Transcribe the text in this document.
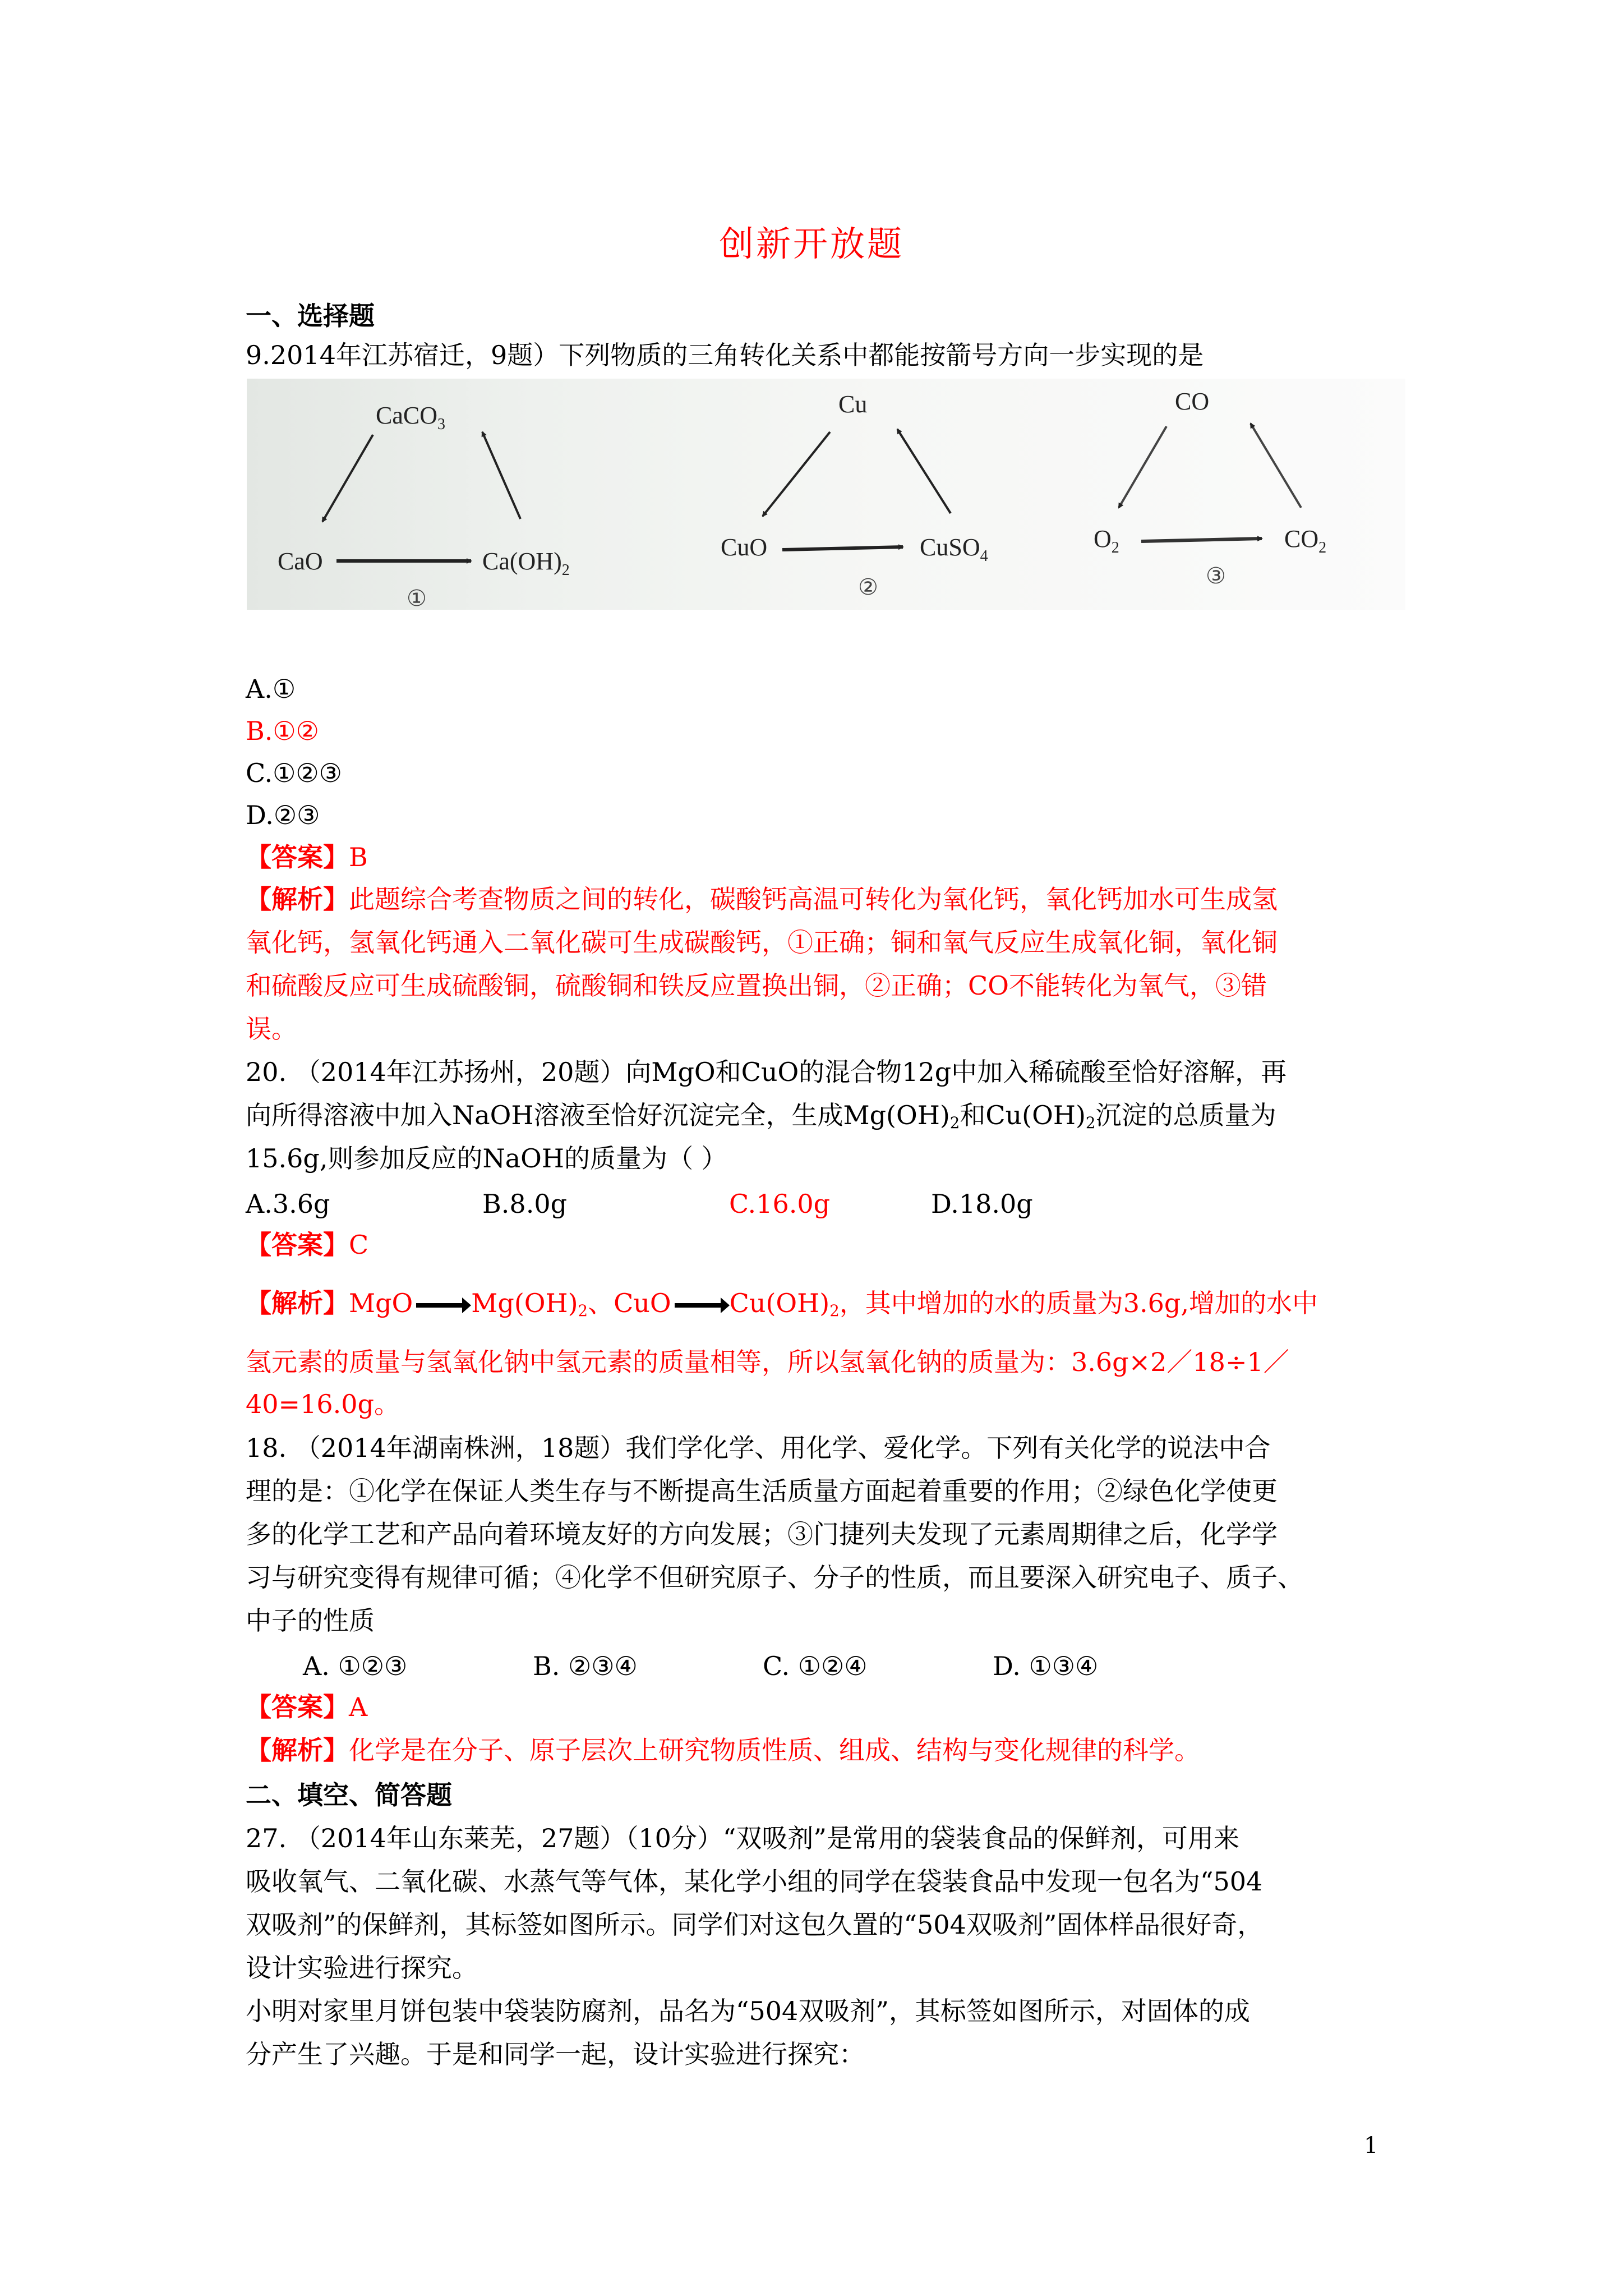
创新开放题
一、选择题
9.2014年江苏宿迁，9题）下列物质的三角转化关系中都能按箭号方向一步实现的是
CaCO$_3$
CaO	$Ca(OH)_2$
①
Cu
CuO	CuSO$_4$
②
CO
$O_2$	$CO_2$
③
A.①
B.①②
C.①②③
D.②③
【答案】B
【解析】此题综合考查物质之间的转化，碳酸钙高温可转化为氧化钙，氧化钙加水可生成氢
氧化钙，氢氧化钙通入二氧化碳可生成碳酸钙，①正确；铜和氧气反应生成氧化铜，氧化铜
和硫酸反应可生成硫酸铜，硫酸铜和铁反应置换出铜，②正确；CO不能转化为氧气，③错
误。
20. （2014年江苏扬州，20题）向MgO和CuO的混合物12g中加入稀硫酸至恰好溶解，再
向所得溶液中加入NaOH溶液至恰好沉淀完全，生成$Mg(OH)_2$和$Cu(OH)_2$沉淀的总质量为
15.6g,则参加反应的NaOH的质量为（ ）
A.3.6g	B.8.0g	C.16.0g	D.18.0g
【答案】C
【解析】MgO → $Mg(OH)_2$、CuO → $Cu(OH)_2$，其中增加的水的质量为3.6g,增加的水中
氢元素的质量与氢氧化钠中氢元素的质量相等，所以氢氧化钠的质量为：3.6g×2／18÷1／
40=16.0g。
18. （2014年湖南株洲，18题）我们学化学、用化学、爱化学。下列有关化学的说法中合
理的是：①化学在保证人类生存与不断提高生活质量方面起着重要的作用；②绿色化学使更
多的化学工艺和产品向着环境友好的方向发展；③门捷列夫发现了元素周期律之后，化学学
习与研究变得有规律可循；④化学不但研究原子、分子的性质，而且要深入研究电子、质子、
中子的性质
A. ①②③	B. ②③④	C. ①②④	D. ①③④
【答案】A
【解析】化学是在分子、原子层次上研究物质性质、组成、结构与变化规律的科学。
二、填空、简答题
27. （2014年山东莱芜，27题）（10分）“双吸剂”是常用的袋装食品的保鲜剂，可用来
吸收氧气、二氧化碳、水蒸气等气体，某化学小组的同学在袋装食品中发现一包名为“504
双吸剂”的保鲜剂，其标签如图所示。同学们对这包久置的“504双吸剂”固体样品很好奇，
设计实验进行探究。
小明对家里月饼包装中袋装防腐剂，品名为“504双吸剂”，其标签如图所示，对固体的成
分产生了兴趣。于是和同学一起，设计实验进行探究：
1
